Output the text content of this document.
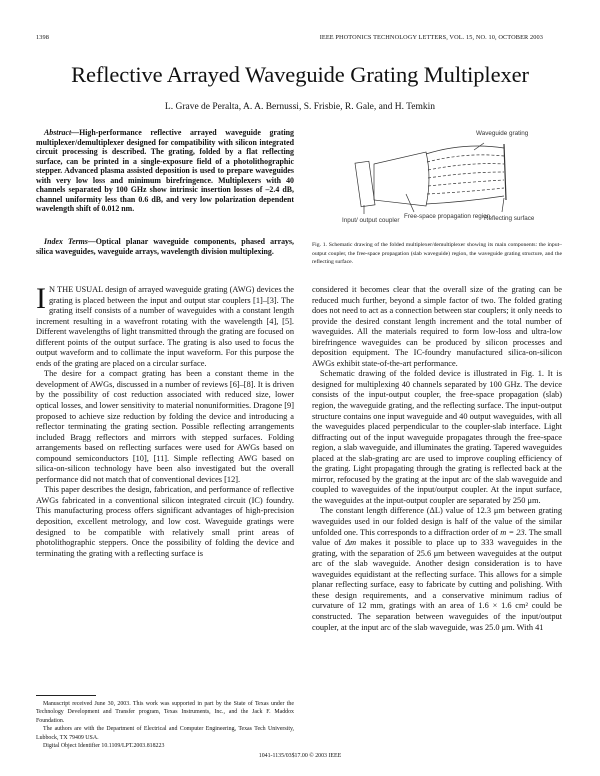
1398	IEEE PHOTONICS TECHNOLOGY LETTERS, VOL. 15, NO. 10, OCTOBER 2003
Reflective Arrayed Waveguide Grating Multiplexer
L. Grave de Peralta, A. A. Bernussi, S. Frisbie, R. Gale, and H. Temkin

Abstract—High-performance reflective arrayed waveguide grating multiplexer/demultiplexer designed for compatibility with silicon integrated circuit processing is described. The grating, folded by a flat reflecting surface, can be printed in a single-exposure field of a photolithographic stepper. Advanced plasma assisted deposition is used to prepare waveguides with very low loss and minimum birefringence. Multiplexers with 40 channels separated by 100 GHz show intrinsic insertion losses of –2.4 dB, channel uniformity less than 0.6 dB, and very low polarization dependent wavelength shift of 0.012 nm.

Index Terms—Optical planar waveguide components, phased arrays, silica waveguides, waveguide arrays, wavelength division multiplexing.

I N THE USUAL design of arrayed waveguide grating (AWG) devices the grating is placed between the input and output star couplers [1]–[3]. The grating itself consists of a number of waveguides with a constant length increment resulting in a wavefront rotating with the wavelength [4], [5]. Different wavelengths of light transmitted through the grating are focused on different points of the output surface. The grating is also used to focus the output waveform and to collimate the input waveform. For this purpose the ends of the grating are placed on a circular surface.

The desire for a compact grating has been a constant theme in the development of AWGs, discussed in a number of reviews [6]–[8]. It is driven by the possibility of cost reduction associated with reduced size, lower optical losses, and lower sensitivity to material nonuniformities. Dragone [9] proposed to achieve size reduction by folding the device and introducing a reflector terminating the grating section. Possible reflecting arrangements included Bragg reflectors and mirrors with stepped surfaces. Folding arrangements based on reflecting surfaces were used for AWGs based on compound semiconductors [10], [11]. Simple reflecting AWG based on silica-on-silicon technology have been also investigated but the overall performance did not match that of conventional devices [12].

This paper describes the design, fabrication, and performance of reflective AWGs fabricated in a conventional silicon integrated circuit (IC) foundry. This manufacturing process offers significant advantages of high-precision deposition, excellent metrology, and low cost. Waveguide gratings were designed to be compatible with relatively small print areas of photolithographic steppers. Once the possibility of folding the device and terminating the grating with a reflecting surface is

Manuscript received June 30, 2003. This work was supported in part by the State of Texas under the Technology Development and Transfer program, Texas Instruments, Inc., and the Jack F. Maddox Foundation.

The authors are with the Department of Electrical and Computer Engineering, Texas Tech University, Lubbock, TX 79409 USA.

Digital Object Identifier 10.1109/LPT.2003.818223

Waveguide grating
Input/ output coupler
Free-space propagation region
Reflecting surface
Fig. 1. Schematic drawing of the folded multiplexer/demultiplexer showing its main components: the input–output coupler, the free-space propagation (slab waveguide) region, the waveguide grating structure, and the reflecting surface.

considered it becomes clear that the overall size of the grating can be reduced much further, beyond a simple factor of two. The folded grating does not need to act as a connection between star couplers; it only needs to provide the desired constant length increment and the total number of waveguides. All the materials required to form low-loss and ultra-low birefringence waveguides can be produced by silicon processes and deposition equipment. The IC-foundry manufactured silica-on-silicon AWGs exhibit state-of-the-art performance.

Schematic drawing of the folded device is illustrated in Fig. 1. It is designed for multiplexing 40 channels separated by 100 GHz. The device consists of the input-output coupler, the free-space propagation (slab) region, the waveguide grating, and the reflecting surface. The input-output structure contains one input waveguide and 40 output waveguides, with all the waveguides placed perpendicular to the coupler-slab interface. Light diffracting out of the input waveguide propagates through the free-space region, a slab waveguide, and illuminates the grating. Tapered waveguides placed at the slab-grating arc are used to improve coupling efficiency of the grating. Light propagating through the grating is reflected back at the mirror, refocused by the grating at the input arc of the slab waveguide and coupled to waveguides of the input/output coupler. At the input surface, the waveguides at the input-output coupler are separated by 250 μm.

The constant length difference (ΔL) value of 12.3 μm between grating waveguides used in our folded design is half of the value of the similar unfolded one. This corresponds to a diffraction order of m = 23. The small value of Δm makes it possible to place up to 333 waveguides in the grating, with the separation of 25.6 μm between waveguides at the output arc of the slab waveguide. Another design consideration is to have waveguides equidistant at the reflecting surface. This allows for a simple planar reflecting surface, easy to fabricate by cutting and polishing. With these design requirements, and a conservative minimum radius of curvature of 12 mm, gratings with an area of 1.6 × 1.6 cm² could be constructed. The separation between waveguides of the input/output coupler, at the input arc of the slab waveguide, was 25.0 μm. With 41

1041-1135/03$17.00 © 2003 IEEE
